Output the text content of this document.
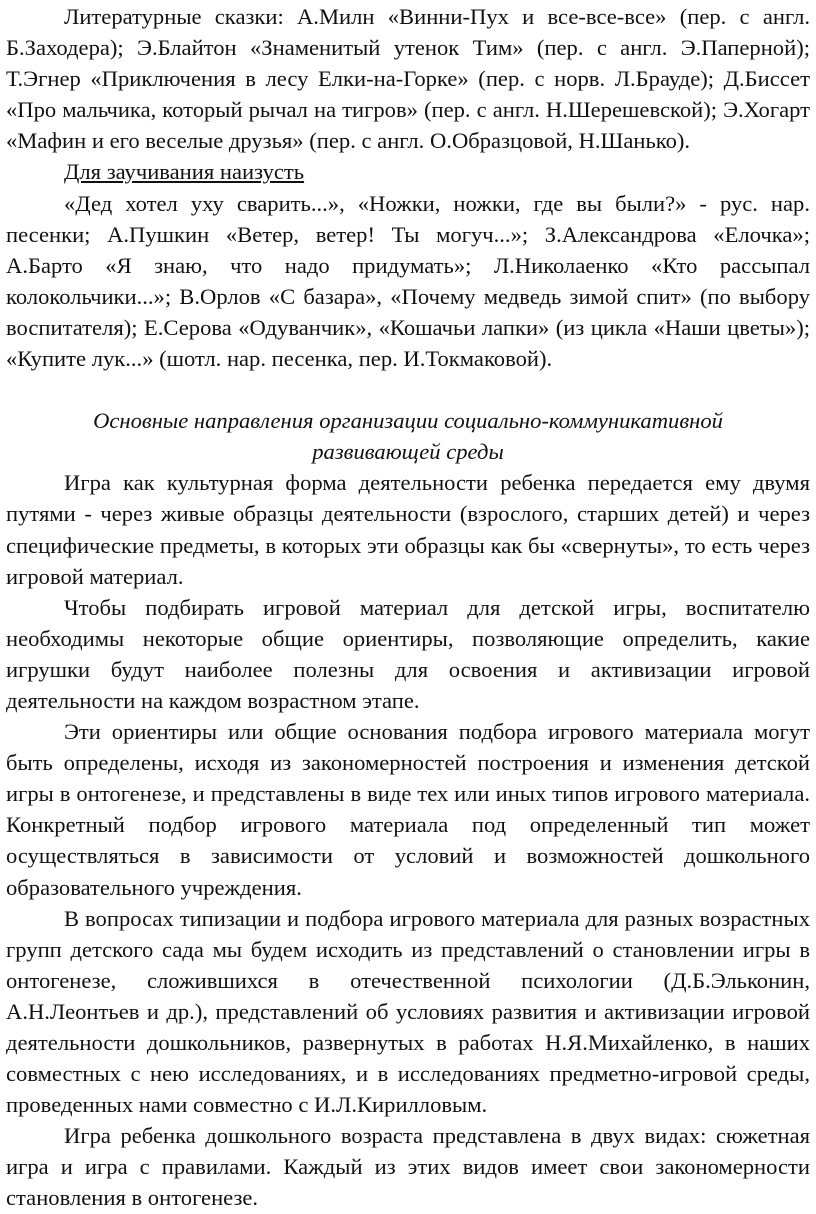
Литературные сказки: А.Милн «Винни-Пух и все-все-все» (пер. с англ. Б.Заходера); Э.Блайтон «Знаменитый утенок Тим» (пер. с англ. Э.Паперной); Т.Эгнер «Приключения в лесу Елки-на-Горке» (пер. с норв. Л.Брауде); Д.Биссет «Про мальчика, который рычал на тигров» (пер. с англ. Н.Шерешевской); Э.Хогарт «Мафин и его веселые друзья» (пер. с англ. О.Образцовой, Н.Шанько).

Для заучивания наизусть

«Дед хотел уху сварить...», «Ножки, ножки, где вы были?» - рус. нар. песенки; А.Пушкин «Ветер, ветер! Ты могуч...»; З.Александрова «Елочка»; А.Барто «Я знаю, что надо придумать»; Л.Николаенко «Кто рассыпал колокольчики...»; В.Орлов «С базара», «Почему медведь зимой спит» (по выбору воспитателя); Е.Серова «Одуванчик», «Кошачьи лапки» (из цикла «Наши цветы»); «Купите лук...» (шотл. нар. песенка, пер. И.Токмаковой).

Основные направления организации социально-коммуникативной развивающей среды

Игра как культурная форма деятельности ребенка передается ему двумя путями - через живые образцы деятельности (взрослого, старших детей) и через специфические предметы, в которых эти образцы как бы «свернуты», то есть через игровой материал.

Чтобы подбирать игровой материал для детской игры, воспитателю необходимы некоторые общие ориентиры, позволяющие определить, какие игрушки будут наиболее полезны для освоения и активизации игровой деятельности на каждом возрастном этапе.

Эти ориентиры или общие основания подбора игрового материала могут быть определены, исходя из закономерностей построения и изменения детской игры в онтогенезе, и представлены в виде тех или иных типов игрового материала. Конкретный подбор игрового материала под определенный тип может осуществляться в зависимости от условий и возможностей дошкольного образовательного учреждения.

В вопросах типизации и подбора игрового материала для разных возрастных групп детского сада мы будем исходить из представлений о становлении игры в онтогенезе, сложившихся в отечественной психологии (Д.Б.Эльконин, А.Н.Леонтьев и др.), представлений об условиях развития и активизации игровой деятельности дошкольников, развернутых в работах Н.Я.Михайленко, в наших совместных с нею исследованиях, и в исследованиях предметно-игровой среды, проведенных нами совместно с И.Л.Кирилловым.

Игра ребенка дошкольного возраста представлена в двух видах: сюжетная игра и игра с правилами. Каждый из этих видов имеет свои закономерности становления в онтогенезе.
